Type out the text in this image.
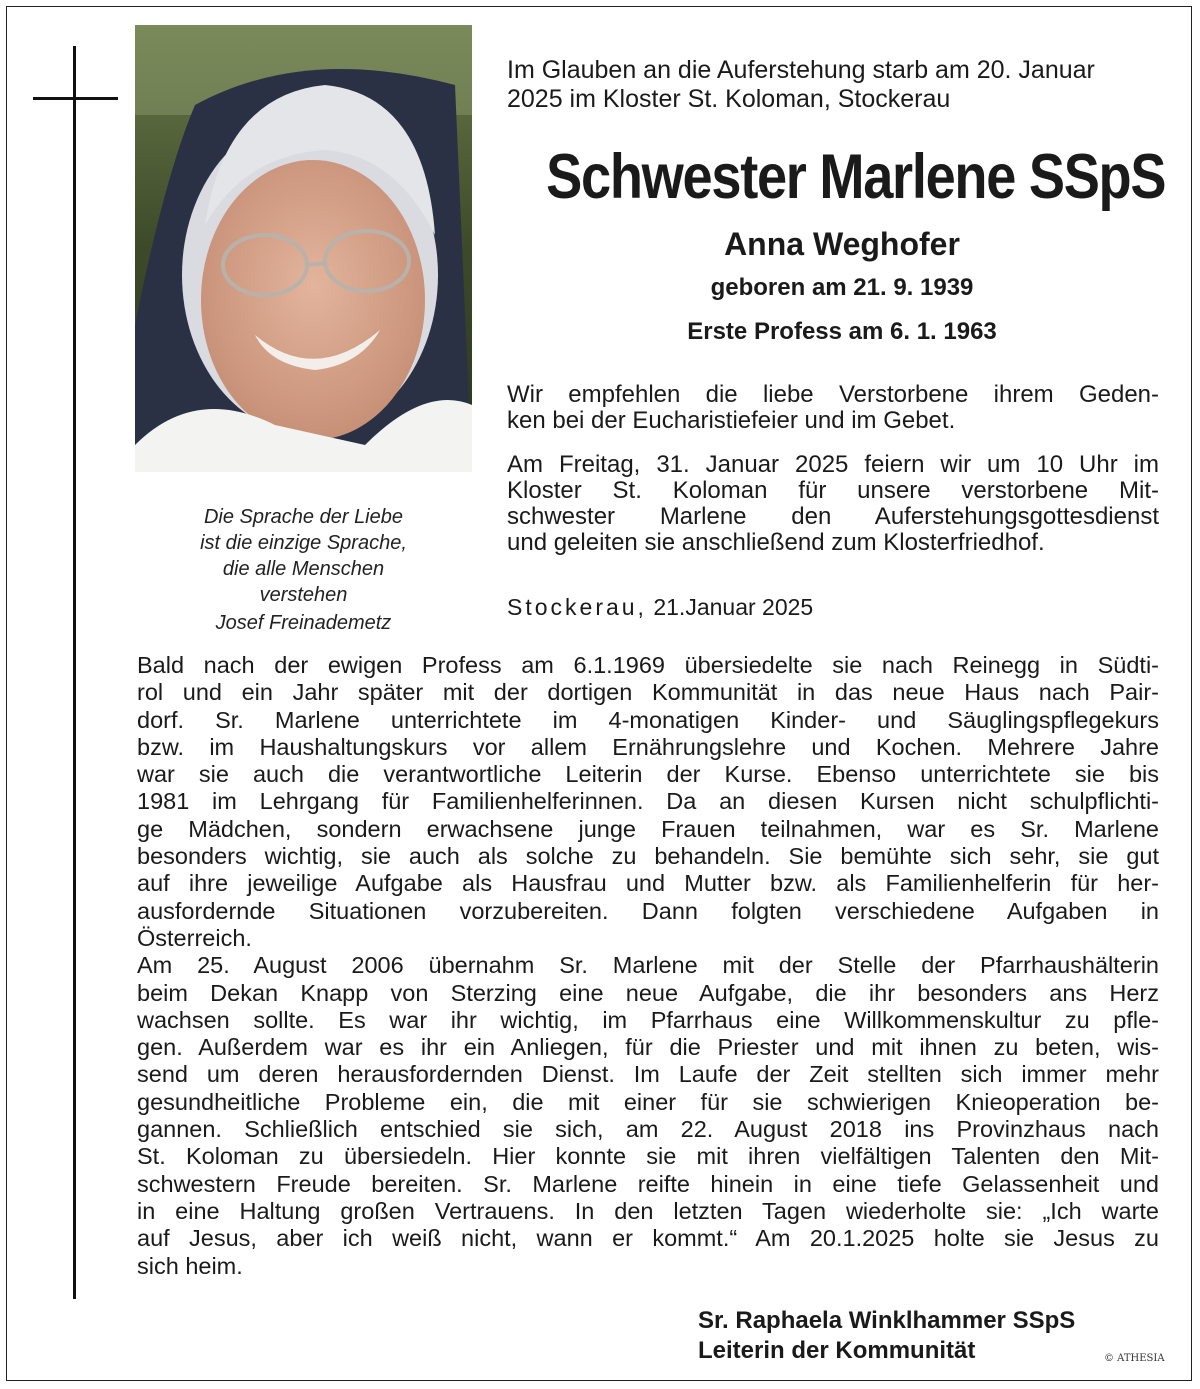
Die Sprache der Liebe
ist die einzige Sprache,
die alle Menschen
verstehen
Josef Freinademetz
Im Glauben an die Auferstehung starb am 20. Januar
2025 im Kloster St. Koloman, Stockerau
Schwester Marlene SSpS
Anna Weghofer
geboren am 21. 9. 1939
Erste Profess am 6. 1. 1963
Wir empfehlen die liebe Verstorbene ihrem Geden-
ken bei der Eucharistiefeier und im Gebet.
Am Freitag, 31. Januar 2025 feiern wir um 10 Uhr im
Kloster St. Koloman für unsere verstorbene Mit-
schwester Marlene den Auferstehungsgottesdienst
und geleiten sie anschließend zum Klosterfriedhof.
Stockerau, 21.Januar 2025
Bald nach der ewigen Profess am 6.1.1969 übersiedelte sie nach Reinegg in Südti-
rol und ein Jahr später mit der dortigen Kommunität in das neue Haus nach Pair-
dorf. Sr. Marlene unterrichtete im 4-monatigen Kinder- und Säuglingspflegekurs
bzw. im Haushaltungskurs vor allem Ernährungslehre und Kochen. Mehrere Jahre
war sie auch die verantwortliche Leiterin der Kurse. Ebenso unterrichtete sie bis
1981 im Lehrgang für Familienhelferinnen. Da an diesen Kursen nicht schulpflichti-
ge Mädchen, sondern erwachsene junge Frauen teilnahmen, war es Sr. Marlene
besonders wichtig, sie auch als solche zu behandeln. Sie bemühte sich sehr, sie gut
auf ihre jeweilige Aufgabe als Hausfrau und Mutter bzw. als Familienhelferin für her-
ausfordernde Situationen vorzubereiten. Dann folgten verschiedene Aufgaben in
Österreich.
Am 25. August 2006 übernahm Sr. Marlene mit der Stelle der Pfarrhaushälterin
beim Dekan Knapp von Sterzing eine neue Aufgabe, die ihr besonders ans Herz
wachsen sollte. Es war ihr wichtig, im Pfarrhaus eine Willkommenskultur zu pfle-
gen. Außerdem war es ihr ein Anliegen, für die Priester und mit ihnen zu beten, wis-
send um deren herausfordernden Dienst. Im Laufe der Zeit stellten sich immer mehr
gesundheitliche Probleme ein, die mit einer für sie schwierigen Knieoperation be-
gannen. Schließlich entschied sie sich, am 22. August 2018 ins Provinzhaus nach
St. Koloman zu übersiedeln. Hier konnte sie mit ihren vielfältigen Talenten den Mit-
schwestern Freude bereiten. Sr. Marlene reifte hinein in eine tiefe Gelassenheit und
in eine Haltung großen Vertrauens. In den letzten Tagen wiederholte sie: „Ich warte
auf Jesus, aber ich weiß nicht, wann er kommt.“ Am 20.1.2025 holte sie Jesus zu
sich heim.
Sr. Raphaela Winklhammer SSpS
Leiterin der Kommunität	© ATHESIA
